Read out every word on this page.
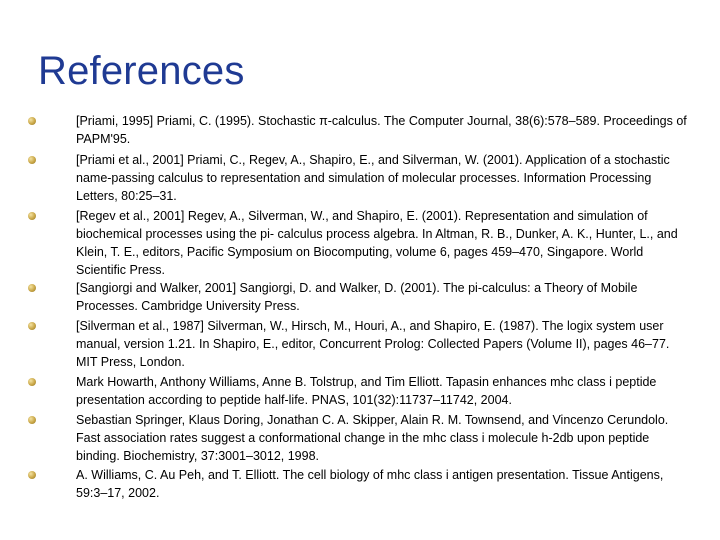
References

[Priami, 1995] Priami, C. (1995). Stochastic π-calculus. The Computer Journal, 38(6):578–589. Proceedings of PAPM'95.

[Priami et al., 2001] Priami, C., Regev, A., Shapiro, E., and Silverman, W. (2001). Application of a stochastic name-passing calculus to representation and simulation of molecular processes. Information Processing Letters, 80:25–31.

[Regev et al., 2001] Regev, A., Silverman, W., and Shapiro, E. (2001). Representation and simulation of biochemical processes using the pi- calculus process algebra. In Altman, R. B., Dunker, A. K., Hunter, L., and Klein, T. E., editors, Pacific Symposium on Biocomputing, volume 6, pages 459–470, Singapore. World Scientific Press.

[Sangiorgi and Walker, 2001] Sangiorgi, D. and Walker, D. (2001). The pi-calculus: a Theory of Mobile Processes. Cambridge University Press.

[Silverman et al., 1987] Silverman, W., Hirsch, M., Houri, A., and Shapiro, E. (1987). The logix system user manual, version 1.21. In Shapiro, E., editor, Concurrent Prolog: Collected Papers (Volume II), pages 46–77. MIT Press, London.

Mark Howarth, Anthony Williams, Anne B. Tolstrup, and Tim Elliott. Tapasin enhances mhc class i peptide presentation according to peptide half-life. PNAS, 101(32):11737–11742, 2004.

Sebastian Springer, Klaus Doring, Jonathan C. A. Skipper, Alain R. M. Townsend, and Vincenzo Cerundolo. Fast association rates suggest a conformational change in the mhc class i molecule h-2db upon peptide binding. Biochemistry, 37:3001–3012, 1998.

A. Williams, C. Au Peh, and T. Elliott. The cell biology of mhc class i antigen presentation. Tissue Antigens, 59:3–17, 2002.
